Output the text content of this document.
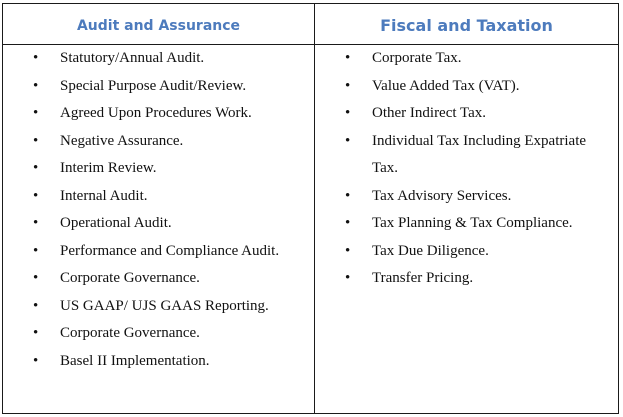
Audit and Assurance	Fiscal and Taxation
• Statutory/Annual Audit.
• Special Purpose Audit/Review.
• Agreed Upon Procedures Work.
• Negative Assurance.
• Interim Review.
• Internal Audit.
• Operational Audit.
• Performance and Compliance Audit.
• Corporate Governance.
• US GAAP/ UJS GAAS Reporting.
• Corporate Governance.
• Basel II Implementation.
• Corporate Tax.
• Value Added Tax (VAT).
• Other Indirect Tax.
• Individual Tax Including Expatriate
Tax.
• Tax Advisory Services.
• Tax Planning & Tax Compliance.
• Tax Due Diligence.
• Transfer Pricing.
